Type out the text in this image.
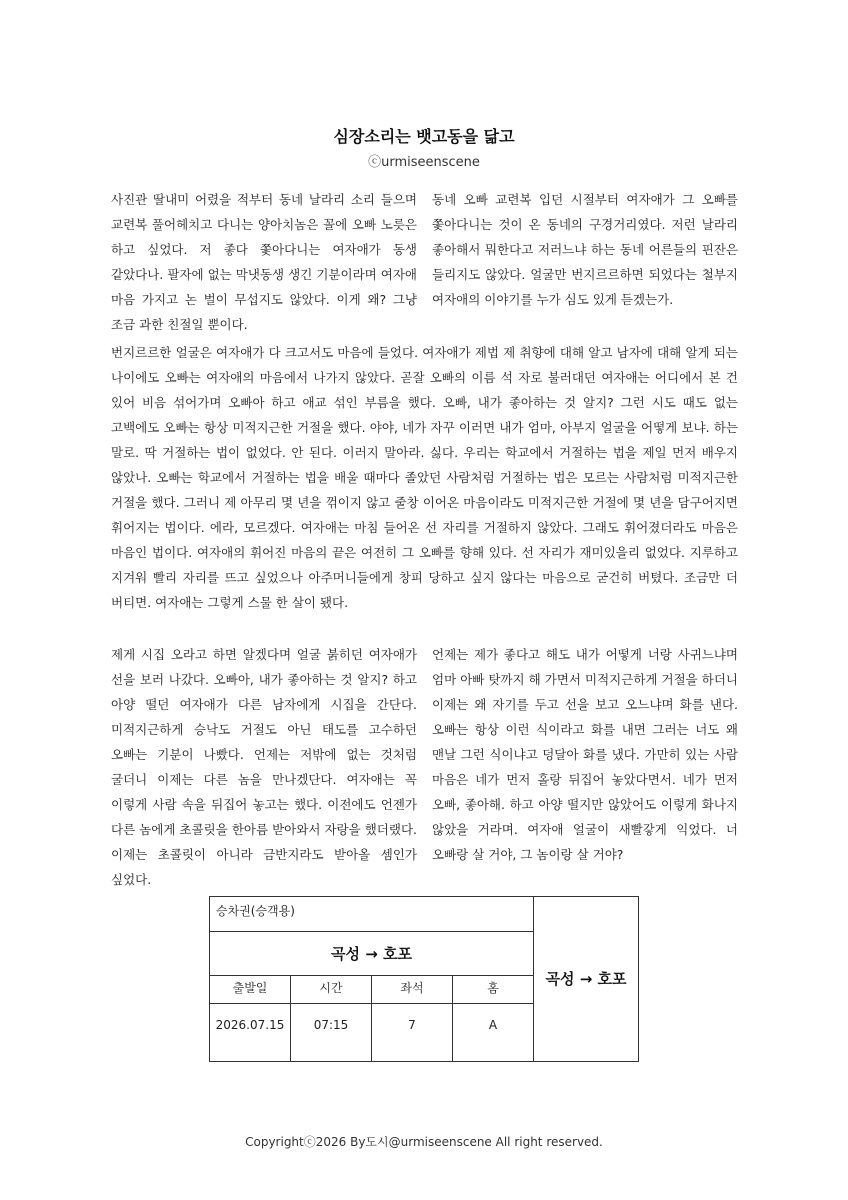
심장소리는 뱃고동을 닮고
ⓒurmiseenscene

사진관 딸내미 어렸을 적부터 동네 날라리 소리 들으며 교련복 풀어헤치고 다니는 양아치놈은 꼴에 오빠 노릇은 하고 싶었다. 저 좋다 쫓아다니는 여자애가 동생 같았다나. 팔자에 없는 막냇동생 생긴 기분이라며 여자애 마음 가지고 논 벌이 무섭지도 않았다. 이게 왜? 그냥 조금 과한 친절일 뿐이다.

동네 오빠 교련복 입던 시절부터 여자애가 그 오빠를 쫓아다니는 것이 온 동네의 구경거리였다. 저런 날라리 좋아해서 뭐한다고 저러느냐 하는 동네 어른들의 핀잔은 들리지도 않았다. 얼굴만 번지르르하면 되었다는 철부지 여자애의 이야기를 누가 심도 있게 듣겠는가.

번지르르한 얼굴은 여자애가 다 크고서도 마음에 들었다. 여자애가 제법 제 취향에 대해 알고 남자에 대해 알게 되는 나이에도 오빠는 여자애의 마음에서 나가지 않았다. 곧잘 오빠의 이름 석 자로 불러대던 여자애는 어디에서 본 건 있어 비음 섞어가며 오빠아 하고 애교 섞인 부름을 했다. 오빠, 내가 좋아하는 것 알지? 그런 시도 때도 없는 고백에도 오빠는 항상 미적지근한 거절을 했다. 야야, 네가 자꾸 이러면 내가 엄마, 아부지 얼굴을 어떻게 보냐. 하는 말로. 딱 거절하는 법이 없었다. 안 된다. 이러지 말아라. 싫다. 우리는 학교에서 거절하는 법을 제일 먼저 배우지 않았나. 오빠는 학교에서 거절하는 법을 배울 때마다 졸았던 사람처럼 거절하는 법은 모르는 사람처럼 미적지근한 거절을 했다. 그러니 제 아무리 몇 년을 꺾이지 않고 줄창 이어온 마음이라도 미적지근한 거절에 몇 년을 담구어지면 휘어지는 법이다. 에라, 모르겠다. 여자애는 마침 들어온 선 자리를 거절하지 않았다. 그래도 휘어졌더라도 마음은 마음인 법이다. 여자애의 휘어진 마음의 끝은 여전히 그 오빠를 향해 있다. 선 자리가 재미있을리 없었다. 지루하고 지겨워 빨리 자리를 뜨고 싶었으나 아주머니들에게 창피 당하고 싶지 않다는 마음으로 굳건히 버텼다. 조금만 더 버티면. 여자애는 그렇게 스물 한 살이 됐다.

제게 시집 오라고 하면 알겠다며 얼굴 붉히던 여자애가 선을 보러 나갔다. 오빠아, 내가 좋아하는 것 알지? 하고 아양 떨던 여자애가 다른 남자에게 시집을 간단다. 미적지근하게 승낙도 거절도 아닌 태도를 고수하던 오빠는 기분이 나빴다. 언제는 저밖에 없는 것처럼 굴더니 이제는 다른 놈을 만나겠단다. 여자애는 꼭 이렇게 사람 속을 뒤집어 놓고는 했다. 이전에도 언젠가 다른 놈에게 초콜릿을 한아름 받아와서 자랑을 했더랬다. 이제는 초콜릿이 아니라 금반지라도 받아올 셈인가 싶었다.

언제는 제가 좋다고 해도 내가 어떻게 너랑 사귀느냐며 엄마 아빠 탓까지 해 가면서 미적지근하게 거절을 하더니 이제는 왜 자기를 두고 선을 보고 오느냐며 화를 낸다. 오빠는 항상 이런 식이라고 화를 내면 그러는 너도 왜 맨날 그런 식이냐고 덩달아 화를 냈다. 가만히 있는 사람 마음은 네가 먼저 홀랑 뒤집어 놓았다면서. 네가 먼저 오빠, 좋아해. 하고 아양 떨지만 않았어도 이렇게 화나지 않았을 거라며. 여자애 얼굴이 새빨갛게 익었다. 너 오빠랑 살 거야, 그 놈이랑 살 거야?

승차권(승객용)
곡성 → 호포
출발일	시간	좌석	홈
2026.07.15	07:15	7	A
곡성 → 호포
Copyrightⓒ2026 By도시@urmiseenscene All right reserved.
